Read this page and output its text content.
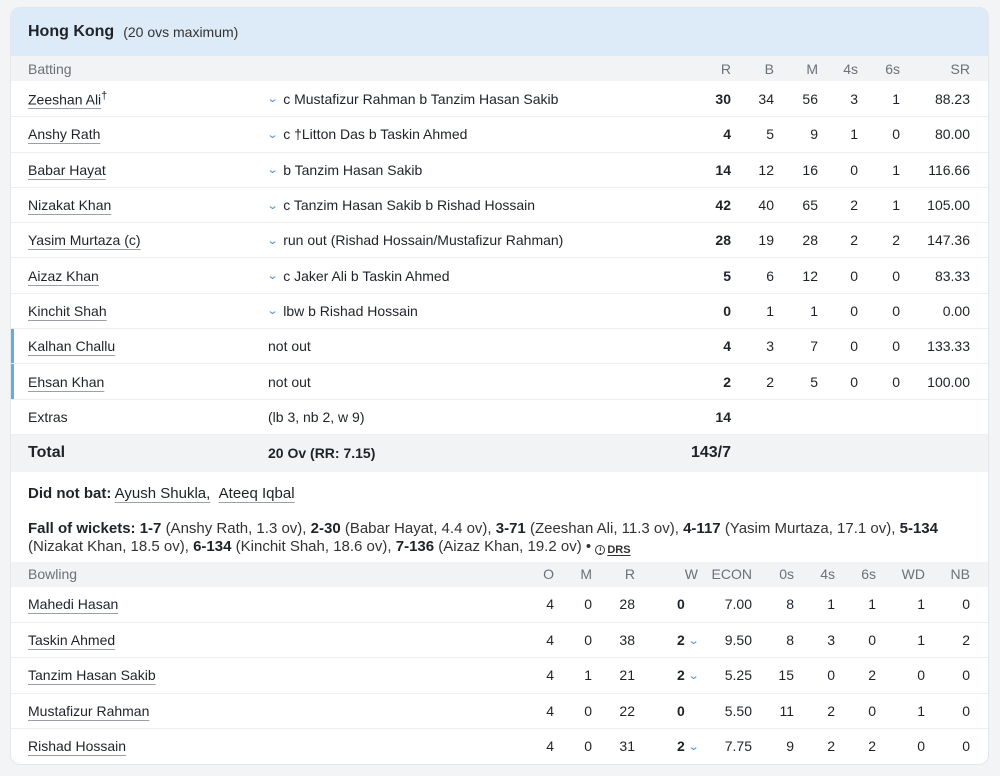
Hong Kong (20 ovs maximum)
Batting	R B M 4s 6s	SR
Zeeshan Ali†	⌄ c Mustafizur Rahman b Tanzim Hasan Sakib	30 34 56 3 1 88.23
Anshy Rath	⌄ c †Litton Das b Taskin Ahmed	4	5	9 1 0 80.00
Babar Hayat	⌄ b Tanzim Hasan Sakib	14 12 16 0 1 116.66
Nizakat Khan	⌄ c Tanzim Hasan Sakib b Rishad Hossain	42 40 65 2 1 105.00
Yasim Murtaza (c)	⌄ run out (Rishad Hossain/Mustafizur Rahman)	28 19 28 2 2 147.36
Aizaz Khan	⌄ c Jaker Ali b Taskin Ahmed	5	6 12 0 0 83.33
Kinchit Shah	⌄ lbw b Rishad Hossain	0	1	1 0 0	0.00
Kalhan Challu	not out	4	3	7 0 0 133.33
Ehsan Khan	not out	2	2	5 0 0 100.00
Extras	(lb 3, nb 2, w 9)	14
Total	20 Ov (RR: 7.15)	143/7
Did not bat: Ayush Shukla, Ateeq Iqbal
Fall of wickets: 1-7 (Anshy Rath, 1.3 ov), 2-30 (Babar Hayat, 4.4 ov), 3-71 (Zeeshan Ali, 11.3 ov), 4-117 (Yasim Murtaza, 17.1 ov), 5-134 (Nizakat Khan, 18.5 ov), 6-134 (Kinchit Shah, 18.6 ov), 7-136 (Aizaz Khan, 19.2 ov) •	i DRS
Bowling	O M R	W ECON 0s 4s 6s WD NB
Mahedi Hasan	4 0 28	0	7.00 8 1 1	1	0
Taskin Ahmed	4 0 38	2 ⌄ 9.50 8 3 0	1	2
Tanzim Hasan Sakib	4 1 21	2 ⌄ 5.25 15 0 2	0	0
Mustafizur Rahman	4 0 22	0	5.50 11 2 0	1	0
Rishad Hossain	4 0 31	2 ⌄ 7.75 9 2 2	0	0
